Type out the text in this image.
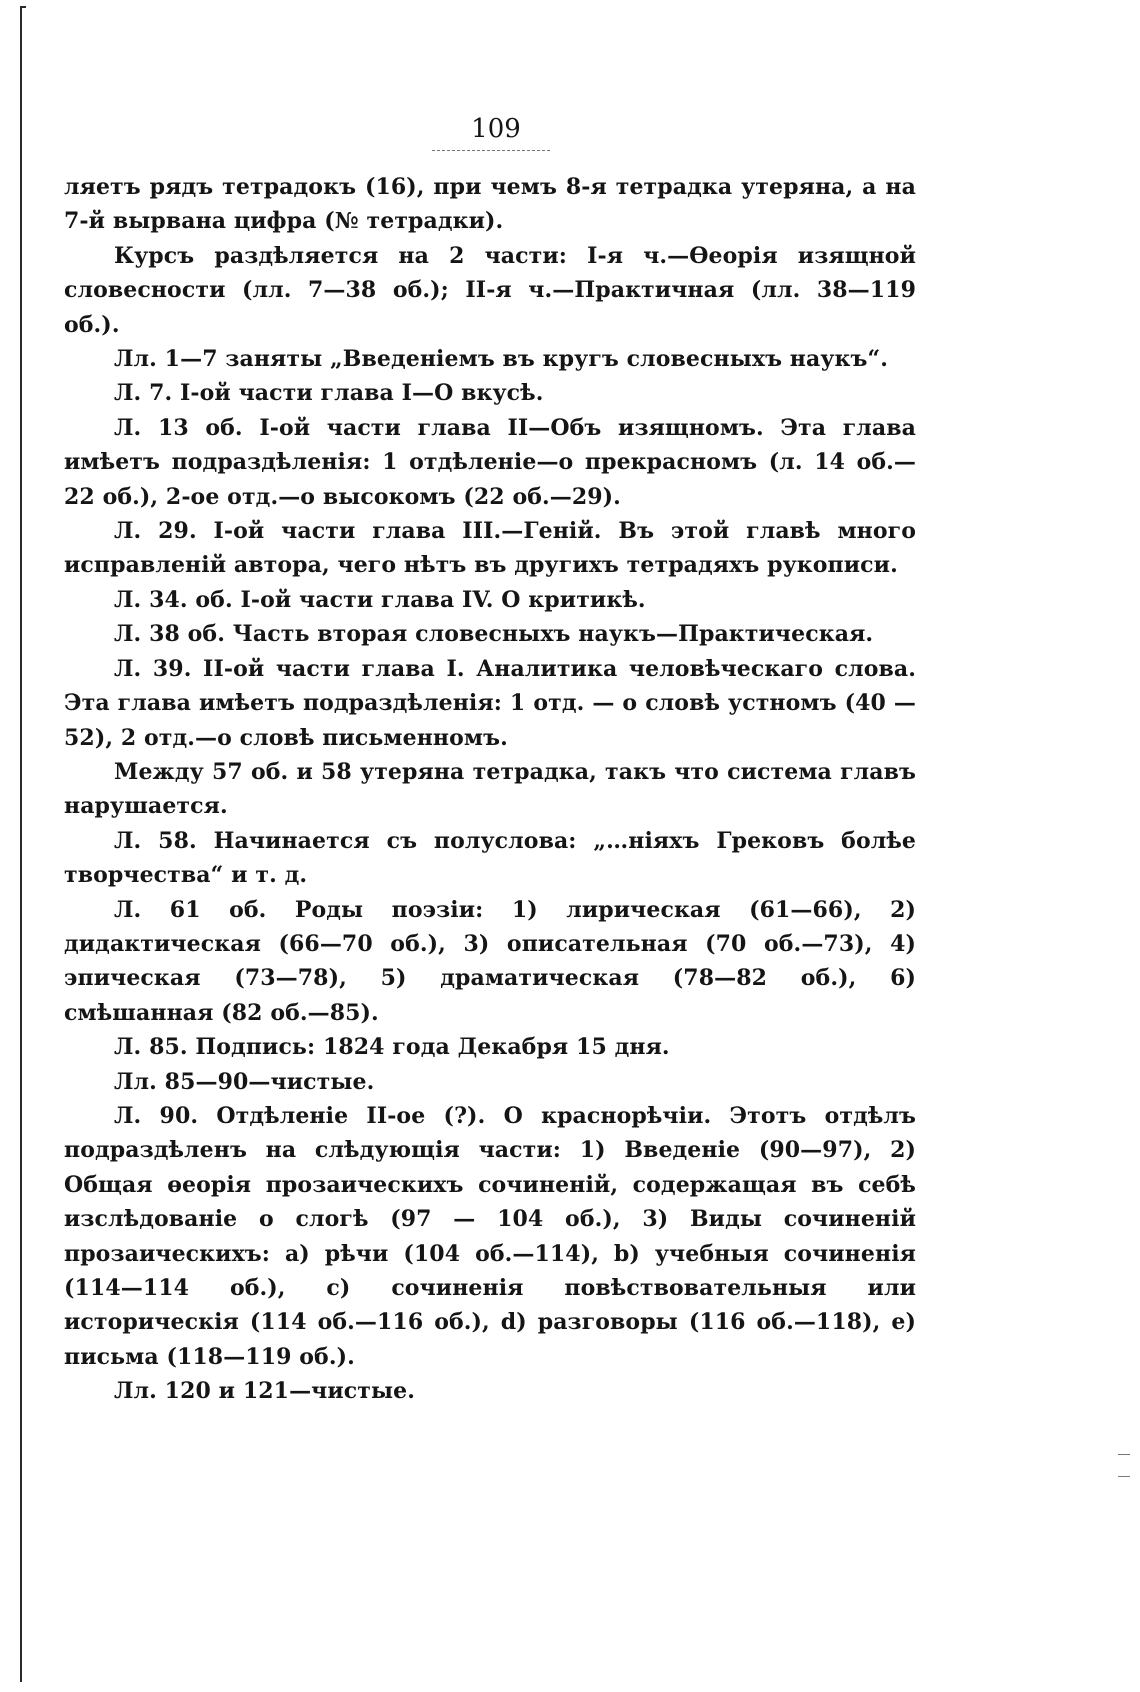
109

ляетъ рядъ тетрадокъ (16), при чемъ 8-я тетрадка утеряна, а на 7-й вырвана цифра (№ тетрадки).

Курсъ раздѣляется на 2 части: I-я ч.—Өеорія изящной словесности (лл. 7—38 об.); II-я ч.—Практичная (лл. 38—119 об.).

Лл. 1—7 заняты „Введеніемъ въ кругъ словесныхъ наукъ“.

Л. 7. I-ой части глава I—О вкусѣ.

Л. 13 об. I-ой части глава II—Объ изящномъ. Эта глава имѣетъ подраздѣленія: 1 отдѣленіе—о прекрасномъ (л. 14 об.—22 об.), 2-ое отд.—о высокомъ (22 об.—29).

Л. 29. I-ой части глава III.—Геній. Въ этой главѣ много исправленій автора, чего нѣтъ въ другихъ тетрадяхъ рукописи.

Л. 34. об. I-ой части глава IV. О критикѣ.

Л. 38 об. Часть вторая словесныхъ наукъ—Практическая.

Л. 39. II-ой части глава I. Аналитика человѣческаго слова. Эта глава имѣетъ подраздѣленія: 1 отд. — о словѣ устномъ (40 — 52), 2 отд.—о словѣ письменномъ.

Между 57 об. и 58 утеряна тетрадка, такъ что система главъ нарушается.

Л. 58. Начинается съ полуслова: „…ніяхъ Грековъ болѣе творчества“ и т. д.

Л. 61 об. Роды поэзіи: 1) лирическая (61—66), 2) дидактическая (66—70 об.), 3) описательная (70 об.—73), 4) эпическая (73—78), 5) драматическая (78—82 об.), 6) смѣшанная (82 об.—85).

Л. 85. Подпись: 1824 года Декабря 15 дня.

Лл. 85—90—чистые.

Л. 90. Отдѣленіе II-ое (?). О краснорѣчіи. Этотъ отдѣлъ подраздѣленъ на слѣдующія части: 1) Введеніе (90—97), 2) Общая өеорія прозаическихъ сочиненій, содержащая въ себѣ изслѣдованіе о слогѣ (97 — 104 об.), 3) Виды сочиненій прозаическихъ: a) рѣчи (104 об.—114), b) учебныя сочиненія (114—114 об.), c) сочиненія повѣствовательныя или историческія (114 об.—116 об.), d) разговоры (116 об.—118), e) письма (118—119 об.).

Лл. 120 и 121—чистые.
